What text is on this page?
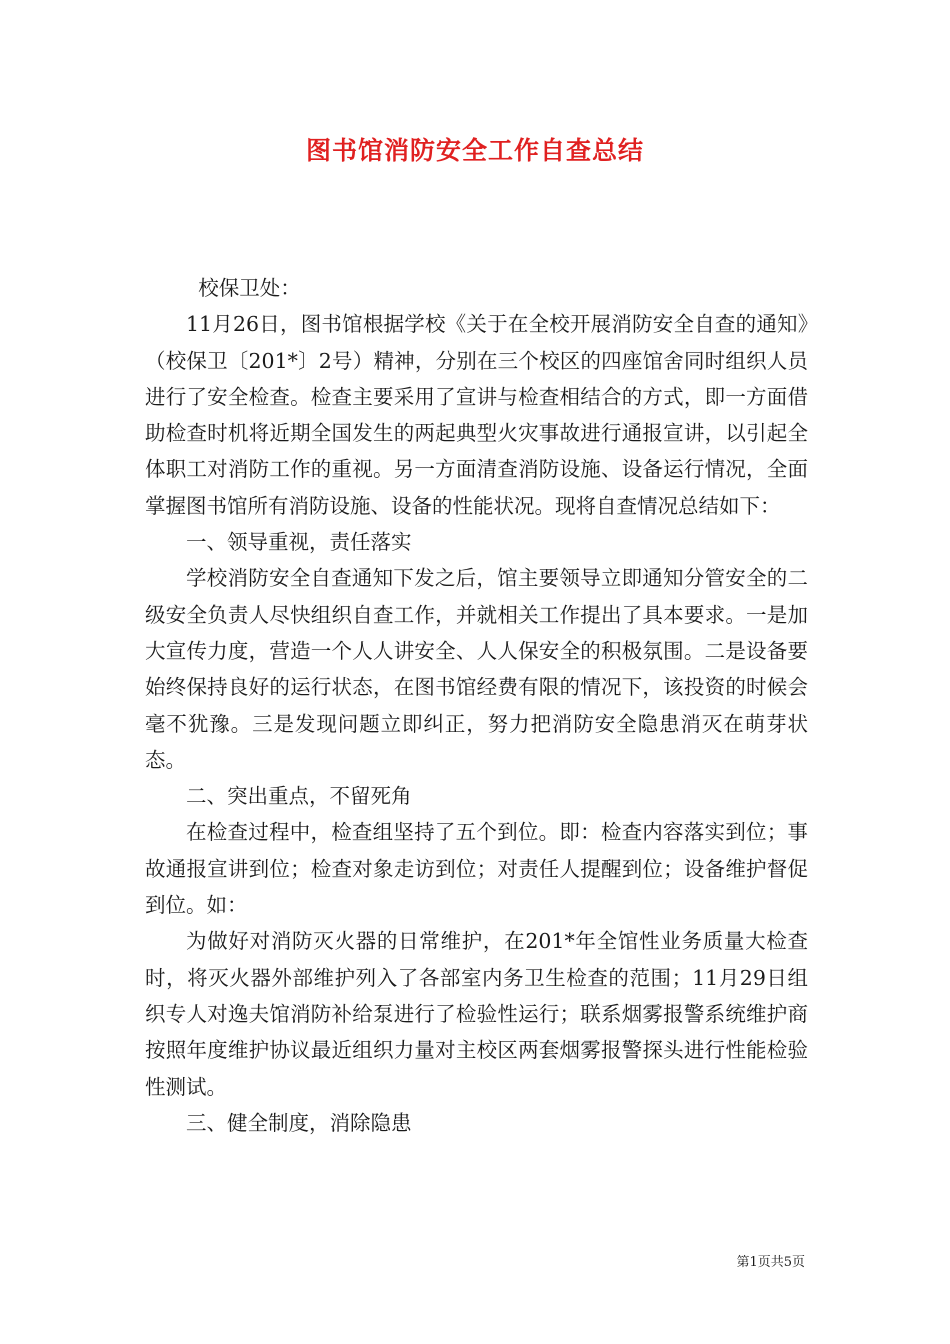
图书馆消防安全工作自查总结

校保卫处：

11月26日，图书馆根据学校《关于在全校开展消防安全自查的通知》（校保卫〔201*〕2号）精神，分别在三个校区的四座馆舍同时组织人员进行了安全检查。检查主要采用了宣讲与检查相结合的方式，即一方面借助检查时机将近期全国发生的两起典型火灾事故进行通报宣讲，以引起全体职工对消防工作的重视。另一方面清查消防设施、设备运行情况，全面掌握图书馆所有消防设施、设备的性能状况。现将自查情况总结如下：

一、领导重视，责任落实

学校消防安全自查通知下发之后，馆主要领导立即通知分管安全的二级安全负责人尽快组织自查工作，并就相关工作提出了具本要求。一是加大宣传力度，营造一个人人讲安全、人人保安全的积极氛围。二是设备要始终保持良好的运行状态，在图书馆经费有限的情况下，该投资的时候会毫不犹豫。三是发现问题立即纠正，努力把消防安全隐患消灭在萌芽状态。

二、突出重点，不留死角

在检查过程中，检查组坚持了五个到位。即：检查内容落实到位；事故通报宣讲到位；检查对象走访到位；对责任人提醒到位；设备维护督促到位。如：

为做好对消防灭火器的日常维护，在201*年全馆性业务质量大检查时，将灭火器外部维护列入了各部室内务卫生检查的范围；11月29日组织专人对逸夫馆消防补给泵进行了检验性运行；联系烟雾报警系统维护商按照年度维护协议最近组织力量对主校区两套烟雾报警探头进行性能检验性测试。

三、健全制度，消除隐患

第1页共5页
